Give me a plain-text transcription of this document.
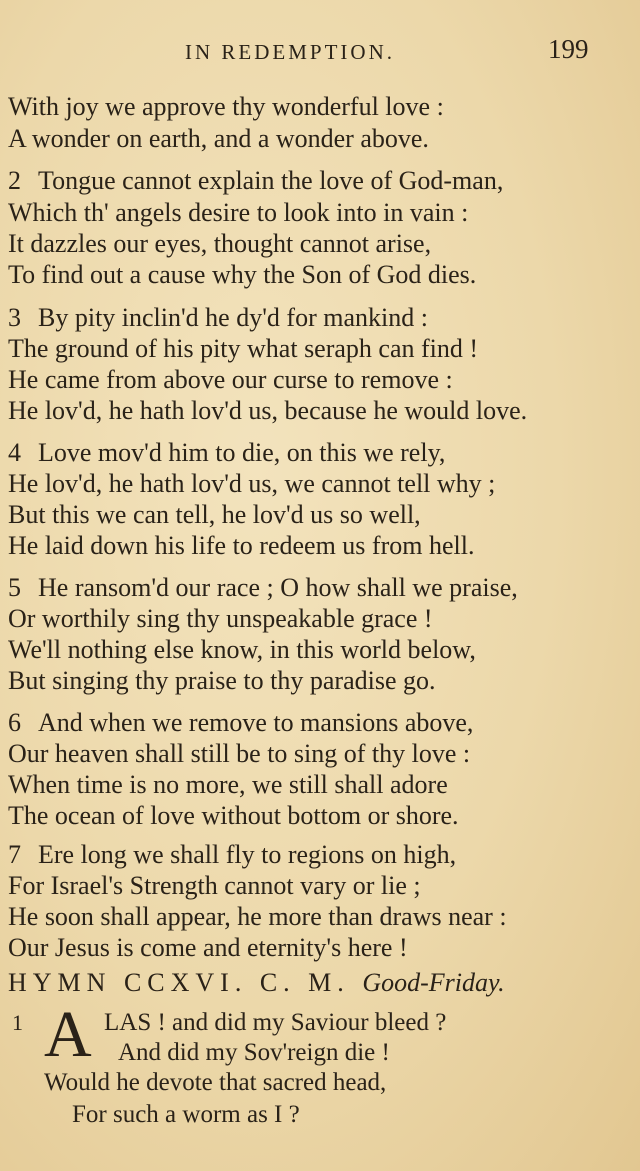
IN REDEMPTION.	199
With joy we approve thy wonderful love :
A wonder on earth, and a wonder above.
2 Tongue cannot explain the love of God-man,
Which th' angels desire to look into in vain :
It dazzles our eyes, thought cannot arise,
To find out a cause why the Son of God dies.
3 By pity inclin'd he dy'd for mankind :
The ground of his pity what seraph can find !
He came from above our curse to remove :
He lov'd, he hath lov'd us, because he would love.
4 Love mov'd him to die, on this we rely,
He lov'd, he hath lov'd us, we cannot tell why ;
But this we can tell, he lov'd us so well,
He laid down his life to redeem us from hell.
5 He ransom'd our race ; O how shall we praise,
Or worthily sing thy unspeakable grace !
We'll nothing else know, in this world below,
But singing thy praise to thy paradise go.
6 And when we remove to mansions above,
Our heaven shall still be to sing of thy love :
When time is no more, we still shall adore
The ocean of love without bottom or shore.
7 Ere long we shall fly to regions on high,
For Israel's Strength cannot vary or lie ;
He soon shall appear, he more than draws near :
Our Jesus is come and eternity's here !
HYMN CCXVI. C. M. Good-Friday.
1 A LAS ! and did my Saviour bleed ?
And did my Sov'reign die !
Would he devote that sacred head,
For such a worm as I ?
